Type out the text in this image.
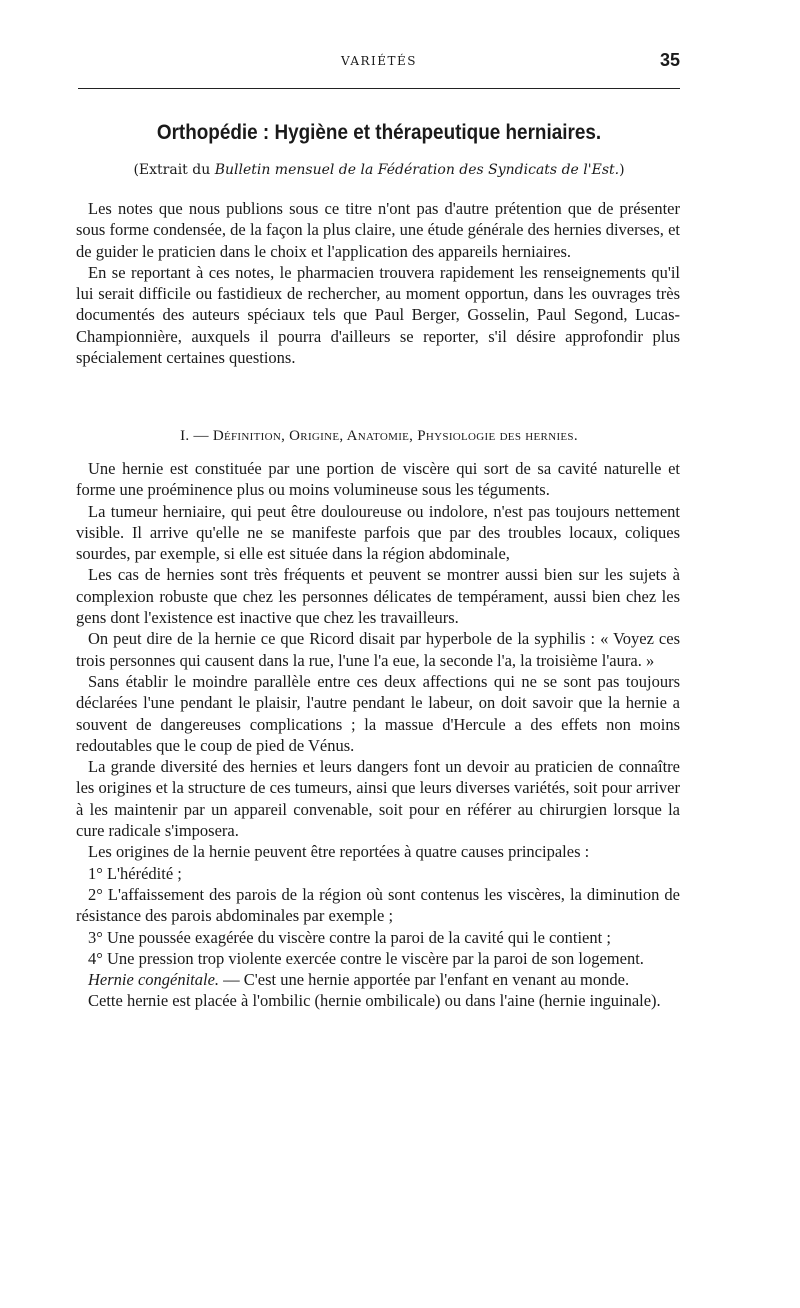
VARIÉTÉS	35
Orthopédie : Hygiène et thérapeutique herniaires.
(Extrait du Bulletin mensuel de la Fédération des Syndicats de l'Est.)

Les notes que nous publions sous ce titre n'ont pas d'autre prétention que de présenter sous forme condensée, de la façon la plus claire, une étude générale des hernies diverses, et de guider le praticien dans le choix et l'application des appareils herniaires.

En se reportant à ces notes, le pharmacien trouvera rapidement les renseignements qu'il lui serait difficile ou fastidieux de rechercher, au moment opportun, dans les ouvrages très documentés des auteurs spéciaux tels que Paul Berger, Gosselin, Paul Segond, Lucas-Championnière, auxquels il pourra d'ailleurs se reporter, s'il désire approfondir plus spécialement certaines questions.

I. — Définition, Origine, Anatomie, Physiologie des hernies.

Une hernie est constituée par une portion de viscère qui sort de sa cavité naturelle et forme une proéminence plus ou moins volumineuse sous les téguments.

La tumeur herniaire, qui peut être douloureuse ou indolore, n'est pas toujours nettement visible. Il arrive qu'elle ne se manifeste parfois que par des troubles locaux, coliques sourdes, par exemple, si elle est située dans la région abdominale,

Les cas de hernies sont très fréquents et peuvent se montrer aussi bien sur les sujets à complexion robuste que chez les personnes délicates de tempérament, aussi bien chez les gens dont l'existence est inactive que chez les travailleurs.

On peut dire de la hernie ce que Ricord disait par hyperbole de la syphilis : « Voyez ces trois personnes qui causent dans la rue, l'une l'a eue, la seconde l'a, la troisième l'aura. »

Sans établir le moindre parallèle entre ces deux affections qui ne se sont pas toujours déclarées l'une pendant le plaisir, l'autre pendant le labeur, on doit savoir que la hernie a souvent de dangereuses complications ; la massue d'Hercule a des effets non moins redoutables que le coup de pied de Vénus.

La grande diversité des hernies et leurs dangers font un devoir au praticien de connaître les origines et la structure de ces tumeurs, ainsi que leurs diverses variétés, soit pour arriver à les maintenir par un appareil convenable, soit pour en référer au chirurgien lorsque la cure radicale s'imposera.

Les origines de la hernie peuvent être reportées à quatre causes principales :

1° L'hérédité ;

2° L'affaissement des parois de la région où sont contenus les viscères, la diminution de résistance des parois abdominales par exemple ;

3° Une poussée exagérée du viscère contre la paroi de la cavité qui le contient ;

4° Une pression trop violente exercée contre le viscère par la paroi de son logement.

Hernie congénitale. — C'est une hernie apportée par l'enfant en venant au monde.

Cette hernie est placée à l'ombilic (hernie ombilicale) ou dans l'aine (hernie inguinale).
